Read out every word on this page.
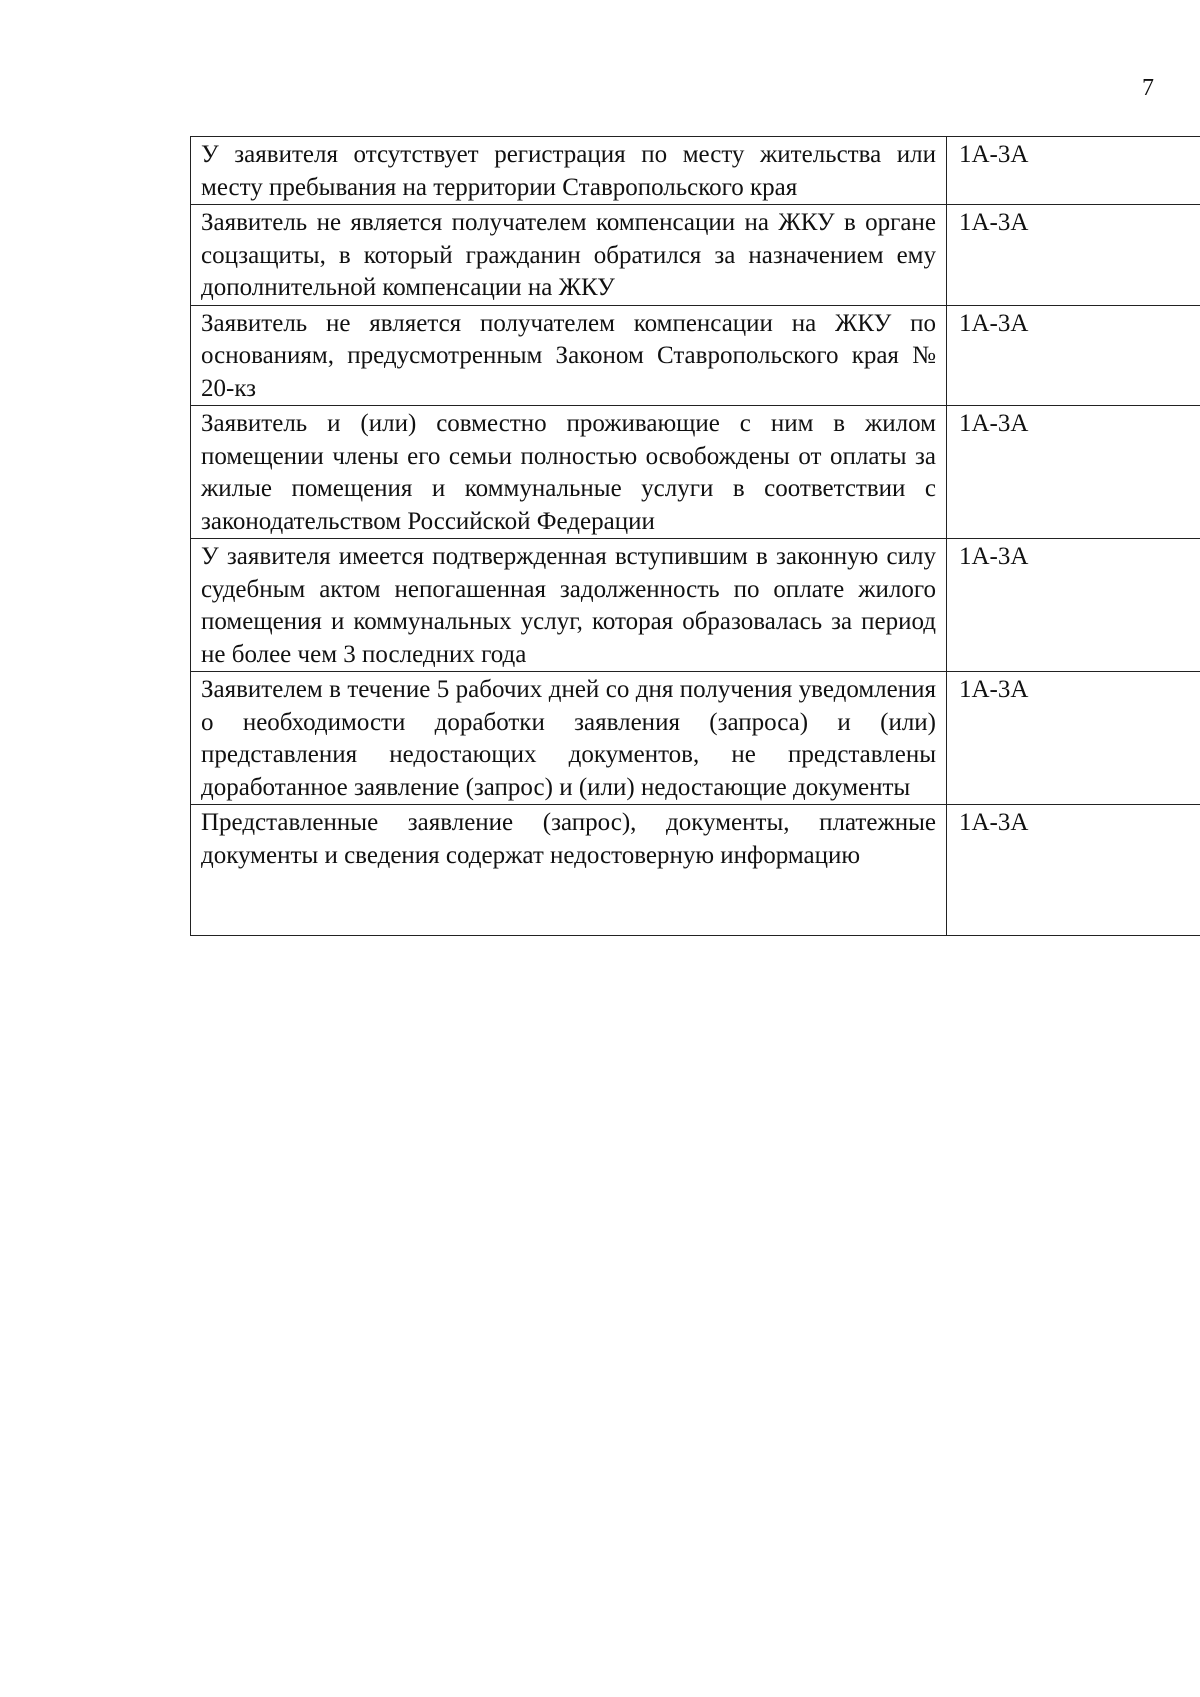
7
У заявителя отсутствует регистрация по месту жительства или месту пребывания на территории Ставропольского края	1А-3А

Заявитель не является получателем компенсации на ЖКУ в органе соцзащиты, в который гражданин обратился за назначением ему дополнительной компенсации на ЖКУ	1А-3А

Заявитель не является получателем компенсации на ЖКУ по основаниям, предусмотренным Законом Ставропольского края № 20-кз	1А-3А

Заявитель и (или) совместно проживающие с ним в жилом помещении члены его семьи полностью освобождены от оплаты за жилые помещения и коммунальные услуги в соответствии с законодательством Российской Федерации	1А-3А

У заявителя имеется подтвержденная вступившим в законную силу судебным актом непогашенная задолженность по оплате жилого помещения и коммунальных услуг, которая образовалась за период не более чем 3 последних года	1А-3А

Заявителем в течение 5 рабочих дней со дня получения уведомления о необходимости доработки заявления (запроса) и (или) представления недостающих документов, не представлены доработанное заявление (запрос) и (или) недостающие документы	1А-3А

Представленные заявление (запрос), документы, платежные документы и сведения содержат недостоверную информацию	1А-3А
